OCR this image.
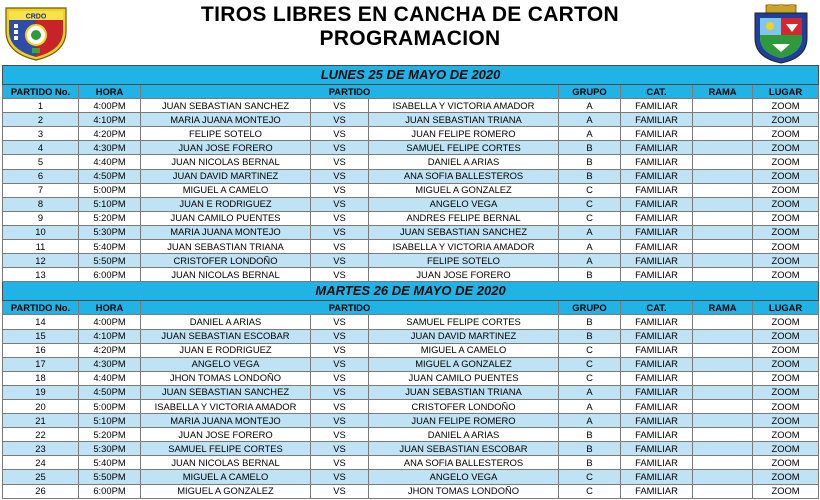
CRDO	TIROS LIBRES EN CANCHA DE CARTON
PROGRAMACION
LUNES 25 DE MAYO DE 2020								
PARTIDO No.	HORA	PARTIDO			GRUPO	CAT.	RAMA	LUGAR
1	4:00PM	JUAN SEBASTIAN SANCHEZ	VS	ISABELLA Y VICTORIA AMADOR	A	FAMILIAR		ZOOM
2	4:10PM	MARIA JUANA MONTEJO	VS	JUAN SEBASTIAN TRIANA	A	FAMILIAR		ZOOM
3	4:20PM	FELIPE SOTELO	VS	JUAN FELIPE ROMERO	A	FAMILIAR		ZOOM
4	4:30PM	JUAN JOSE FORERO	VS	SAMUEL FELIPE CORTES	B	FAMILIAR		ZOOM
5	4:40PM	JUAN NICOLAS BERNAL	VS	DANIEL A ARIAS	B	FAMILIAR		ZOOM
6	4:50PM	JUAN DAVID MARTINEZ	VS	ANA SOFIA BALLESTEROS	B	FAMILIAR		ZOOM
7	5:00PM	MIGUEL A CAMELO	VS	MIGUEL A GONZALEZ	C	FAMILIAR		ZOOM
8	5:10PM	JUAN E RODRIGUEZ	VS	ANGELO VEGA	C	FAMILIAR		ZOOM
9	5:20PM	JUAN CAMILO PUENTES	VS	ANDRES FELIPE BERNAL	C	FAMILIAR		ZOOM
10	5:30PM	MARIA JUANA MONTEJO	VS	JUAN SEBASTIAN SANCHEZ	A	FAMILIAR		ZOOM
11	5:40PM	JUAN SEBASTIAN TRIANA	VS	ISABELLA Y VICTORIA AMADOR	A	FAMILIAR		ZOOM
12	5:50PM	CRISTOFER LONDOÑO	VS	FELIPE SOTELO	A	FAMILIAR		ZOOM
13	6:00PM	JUAN NICOLAS BERNAL	VS	JUAN JOSE FORERO	B	FAMILIAR		ZOOM
MARTES 26 DE MAYO DE 2020								
PARTIDO No.	HORA	PARTIDO			GRUPO	CAT.	RAMA	LUGAR
14	4:00PM	DANIEL A ARIAS	VS	SAMUEL FELIPE CORTES	B	FAMILIAR		ZOOM
15	4:10PM	JUAN SEBASTIAN ESCOBAR	VS	JUAN DAVID MARTINEZ	B	FAMILIAR		ZOOM
16	4:20PM	JUAN E RODRIGUEZ	VS	MIGUEL A CAMELO	C	FAMILIAR		ZOOM
17	4:30PM	ANGELO VEGA	VS	MIGUEL A GONZALEZ	C	FAMILIAR		ZOOM
18	4:40PM	JHON TOMAS LONDOÑO	VS	JUAN CAMILO PUENTES	C	FAMILIAR		ZOOM
19	4:50PM	JUAN SEBASTIAN SANCHEZ	VS	JUAN SEBASTIAN TRIANA	A	FAMILIAR		ZOOM
20	5:00PM	ISABELLA Y VICTORIA AMADOR	VS	CRISTOFER LONDOÑO	A	FAMILIAR		ZOOM
21	5:10PM	MARIA JUANA MONTEJO	VS	JUAN FELIPE ROMERO	A	FAMILIAR		ZOOM
22	5:20PM	JUAN JOSE FORERO	VS	DANIEL A ARIAS	B	FAMILIAR		ZOOM
23	5:30PM	SAMUEL FELIPE CORTES	VS	JUAN SEBASTIAN ESCOBAR	B	FAMILIAR		ZOOM
24	5:40PM	JUAN NICOLAS BERNAL	VS	ANA SOFIA BALLESTEROS	B	FAMILIAR		ZOOM
25	5:50PM	MIGUEL A CAMELO	VS	ANGELO VEGA	C	FAMILIAR		ZOOM
26	6:00PM	MIGUEL A GONZALEZ	VS	JHON TOMAS LONDOÑO	C	FAMILIAR		ZOOM
